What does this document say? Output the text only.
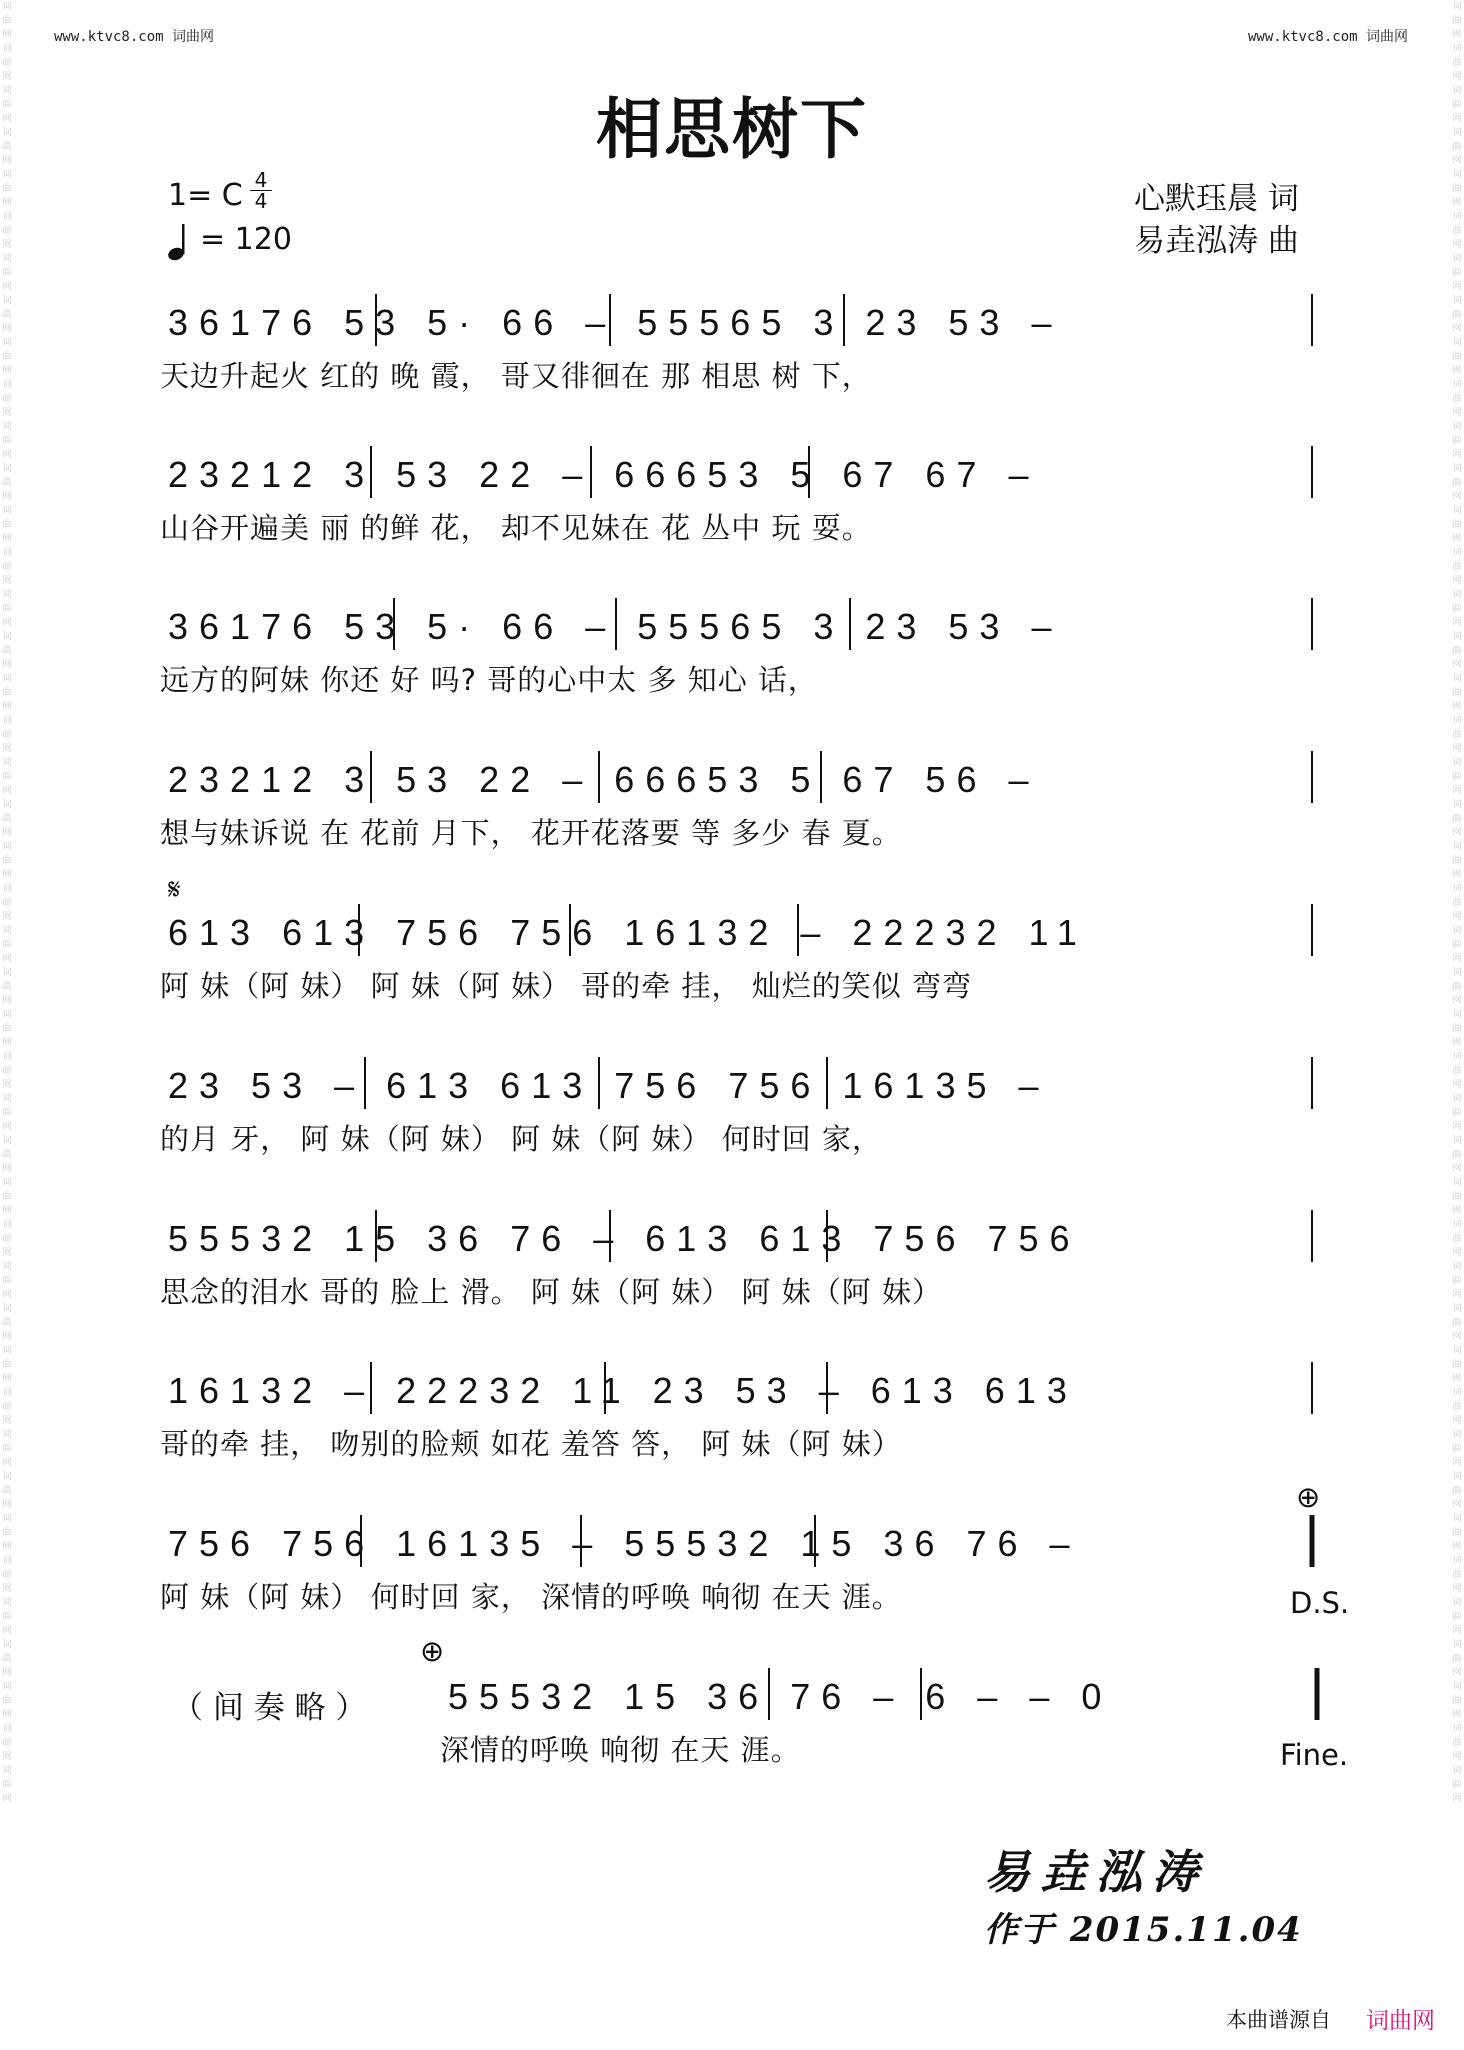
www.ktvc8.com 词曲网	www.ktvc8.com 词曲网
词曲网词曲网词曲网词曲网词曲网词曲网词曲网词曲网词曲网词曲网词曲网词曲网词曲网词曲网词曲网词曲网词曲网词曲网词曲网词曲网词曲网词曲网词曲网词曲网词曲网词曲网词曲网词曲网词曲网词曲网词曲网词曲网词曲网词曲网词曲网词曲网词曲网词曲网词曲网词曲网词曲网词曲网词曲网
词曲网词曲网词曲网词曲网词曲网词曲网词曲网词曲网词曲网词曲网词曲网词曲网词曲网词曲网词曲网词曲网词曲网词曲网词曲网词曲网词曲网词曲网词曲网词曲网词曲网词曲网词曲网词曲网词曲网词曲网词曲网词曲网词曲网词曲网词曲网词曲网词曲网词曲网词曲网词曲网词曲网词曲网词曲网
相思树下
1= C 4
4
= 120
心默珏晨 词
易垚泓涛 曲
36176 53 5· 66 – 55565 3 23 53 –
天边升起火 红的 晚 霞， 哥又徘徊在 那 相思 树 下，
23212 3 53 22 – 66653 5 67 67 –
山谷开遍美 丽 的鲜 花， 却不见妹在 花 丛中 玩 耍。
36176 53 5· 66 – 55565 3 23 53 –
远方的阿妹 你还 好 吗? 哥的心中太 多 知心 话，
23212 3 53 22 – 66653 5 67 56 –
想与妹诉说 在 花前 月下， 花开花落要 等 多少 春 夏。
613 613 756 756 16132 – 22232 11
阿 妹（阿 妹） 阿 妹（阿 妹） 哥的牵 挂， 灿烂的笑似 弯弯
23 53 – 613 613 756 756 16135 –
的月 牙， 阿 妹（阿 妹） 阿 妹（阿 妹） 何时回 家，
55532 15 36 76 – 613 613 756 756
思念的泪水 哥的 脸上 滑。 阿 妹（阿 妹） 阿 妹（阿 妹）
16132 – 22232 11 23 53 – 613 613
哥的牵 挂， 吻别的脸颊 如花 羞答 答， 阿 妹（阿 妹）
756 756 16135 – 55532 15 36 76 –
阿 妹（阿 妹） 何时回 家， 深情的呼唤 响彻 在天 涯。
55532 15 36 76 – 6 – – 0
深情的呼唤 响彻 在天 涯。
𝄋
⊕
D.S.
⊕
（ 间 奏 略 ）
Fine.
易垚泓涛
作于 2015.11.04
本曲谱源自 词曲网
